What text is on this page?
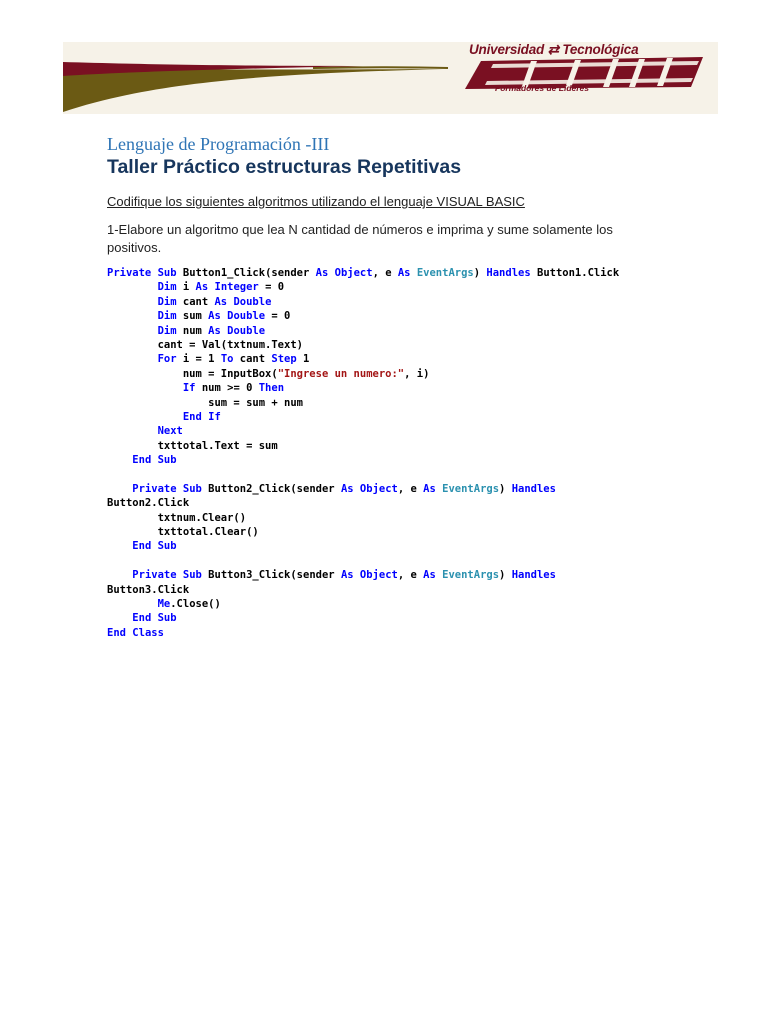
Universidad ⇄ Tecnológica
Formadores de Líderes
Lenguaje de Programación -III
Taller Práctico estructuras Repetitivas
Codifique los siguientes algoritmos utilizando el lenguaje VISUAL BASIC
1-Elabore un algoritmo que lea N cantidad de números e imprima y sume solamente los positivos.
Private Sub Button1_Click(sender As Object, e As EventArgs) Handles Button1.Click
Dim i As Integer = 0
Dim cant As Double
Dim sum As Double = 0
Dim num As Double
cant = Val(txtnum.Text)
For i = 1 To cant Step 1
num = InputBox("Ingrese un numero:", i)
If num >= 0 Then
sum = sum + num
End If
Next
txttotal.Text = sum
End Sub

Private Sub Button2_Click(sender As Object, e As EventArgs) Handles
Button2.Click
txtnum.Clear()
txttotal.Clear()
End Sub

Private Sub Button3_Click(sender As Object, e As EventArgs) Handles
Button3.Click
Me.Close()
End Sub
End Class
